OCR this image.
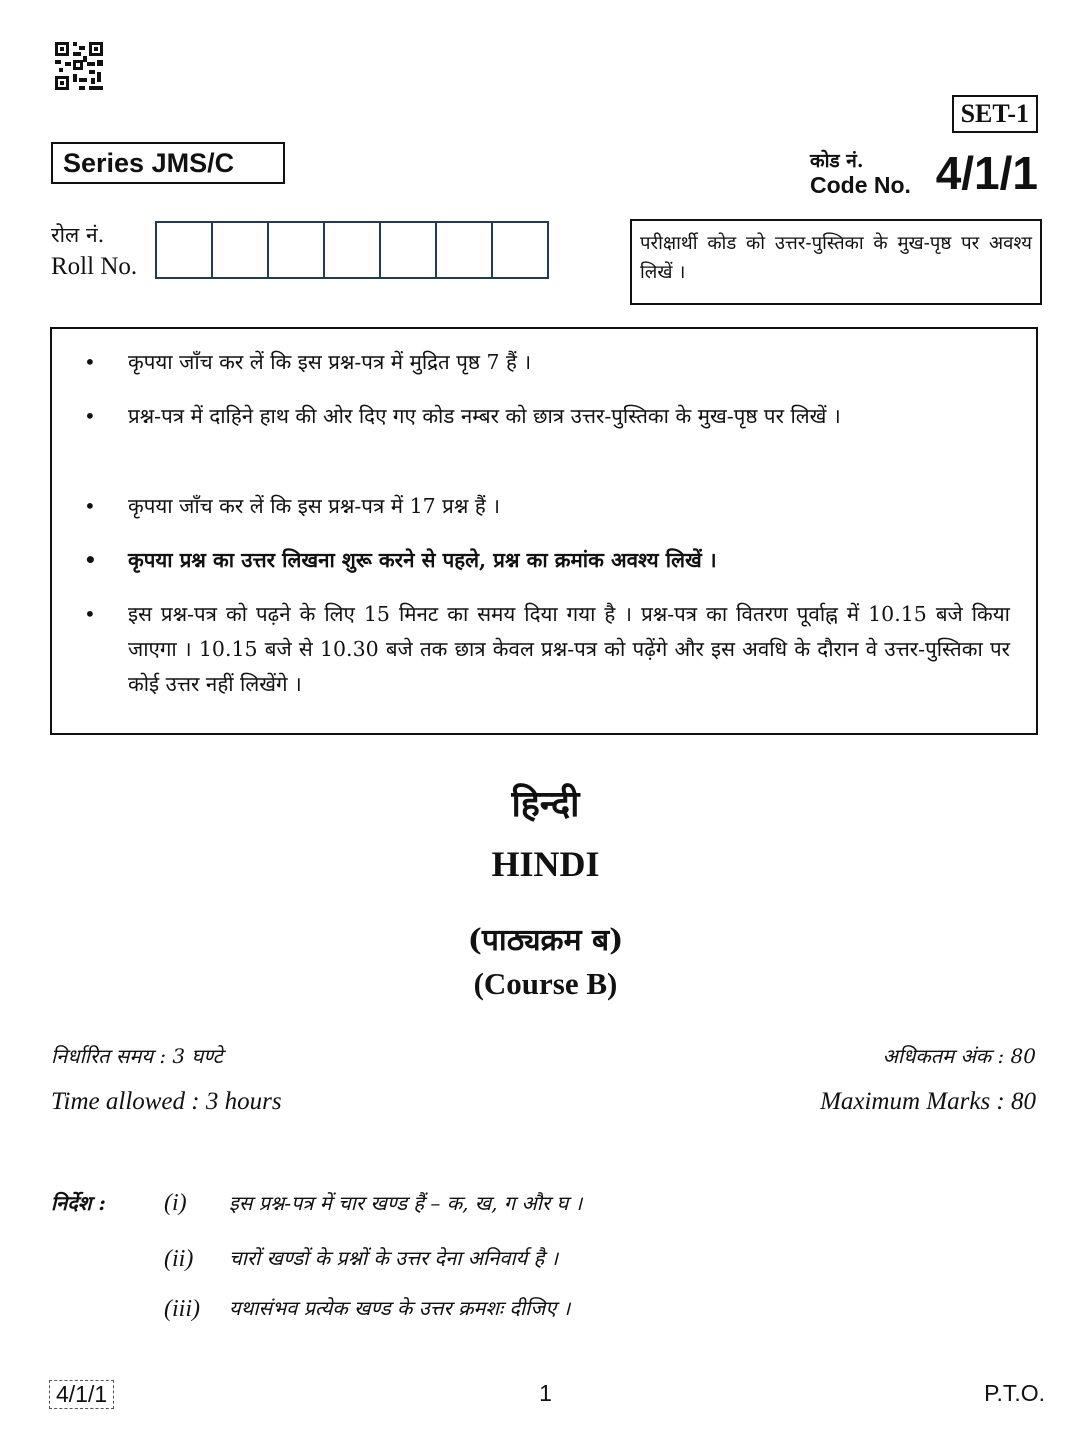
SET-1
Series JMS/C	कोड नं.
Code No. 4/1/1
रोल नं.
Roll No.
परीक्षार्थी कोड को उत्तर-पुस्तिका के मुख-पृष्ठ पर अवश्य लिखें ।
• कृपया जाँच कर लें कि इस प्रश्न-पत्र में मुद्रित पृष्ठ 7 हैं ।
• प्रश्न-पत्र में दाहिने हाथ की ओर दिए गए कोड नम्बर को छात्र उत्तर-पुस्तिका के मुख-पृष्ठ पर लिखें ।
• कृपया जाँच कर लें कि इस प्रश्न-पत्र में 17 प्रश्न हैं ।
• कृपया प्रश्न का उत्तर लिखना शुरू करने से पहले, प्रश्न का क्रमांक अवश्य लिखें ।
• इस प्रश्न-पत्र को पढ़ने के लिए 15 मिनट का समय दिया गया है । प्रश्न-पत्र का वितरण पूर्वाह्न में 10.15 बजे किया जाएगा । 10.15 बजे से 10.30 बजे तक छात्र केवल प्रश्न-पत्र को पढ़ेंगे और इस अवधि के दौरान वे उत्तर-पुस्तिका पर कोई उत्तर नहीं लिखेंगे ।
हिन्दी
HINDI
(पाठ्यक्रम ब)
(Course B)
निर्धारित समय : 3 घण्टे
Time allowed : 3 hours
अधिकतम अंक : 80
Maximum Marks : 80
निर्देश : (i) इस प्रश्न-पत्र में चार खण्ड हैं – क, ख, ग और घ ।
(ii) चारों खण्डों के प्रश्नों के उत्तर देना अनिवार्य है ।
(iii) यथासंभव प्रत्येक खण्ड के उत्तर क्रमशः दीजिए ।
4/1/1	1	P.T.O.
